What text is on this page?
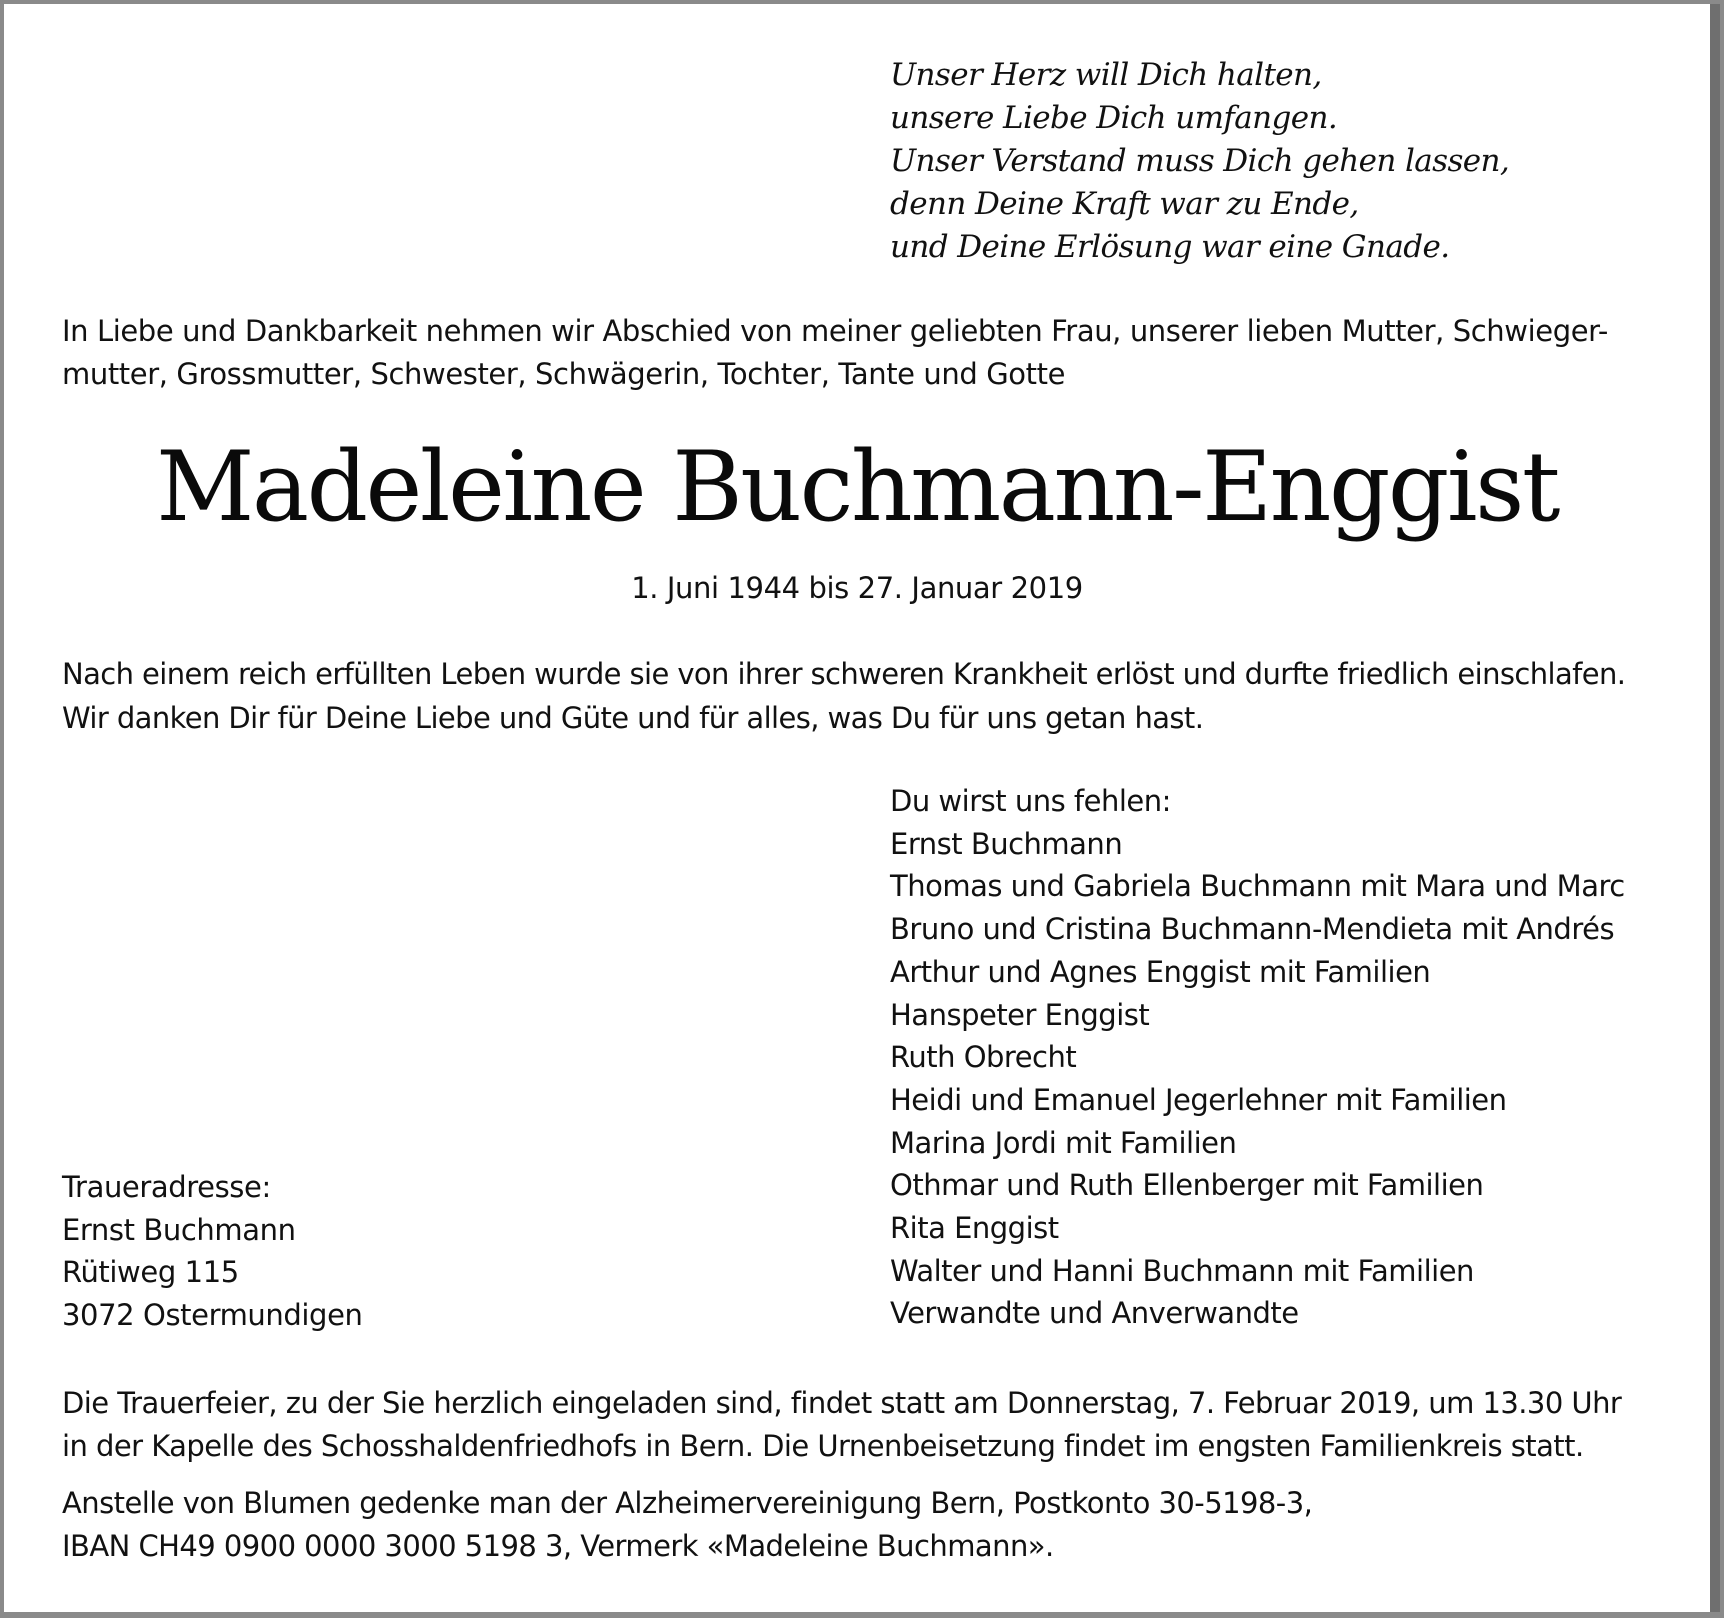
Unser Herz will Dich halten,
unsere Liebe Dich umfangen.
Unser Verstand muss Dich gehen lassen,
denn Deine Kraft war zu Ende,
und Deine Erlösung war eine Gnade.
In Liebe und Dankbarkeit nehmen wir Abschied von meiner geliebten Frau, unserer lieben Mutter, Schwieger-
mutter, Grossmutter, Schwester, Schwägerin, Tochter, Tante und Gotte
Madeleine Buchmann-Enggist
1. Juni 1944 bis 27. Januar 2019
Nach einem reich erfüllten Leben wurde sie von ihrer schweren Krankheit erlöst und durfte friedlich einschlafen.
Wir danken Dir für Deine Liebe und Güte und für alles, was Du für uns getan hast.
Du wirst uns fehlen:
Ernst Buchmann
Thomas und Gabriela Buchmann mit Mara und Marc
Bruno und Cristina Buchmann-Mendieta mit Andrés
Arthur und Agnes Enggist mit Familien
Hanspeter Enggist
Ruth Obrecht
Heidi und Emanuel Jegerlehner mit Familien
Marina Jordi mit Familien
Othmar und Ruth Ellenberger mit Familien
Rita Enggist
Walter und Hanni Buchmann mit Familien
Verwandte und Anverwandte
Traueradresse:
Ernst Buchmann
Rütiweg 115
3072 Ostermundigen
Die Trauerfeier, zu der Sie herzlich eingeladen sind, findet statt am Donnerstag, 7. Februar 2019, um 13.30 Uhr
in der Kapelle des Schosshaldenfriedhofs in Bern. Die Urnenbeisetzung findet im engsten Familienkreis statt.
Anstelle von Blumen gedenke man der Alzheimervereinigung Bern, Postkonto 30-5198-3,
IBAN CH49 0900 0000 3000 5198 3, Vermerk «Madeleine Buchmann».
